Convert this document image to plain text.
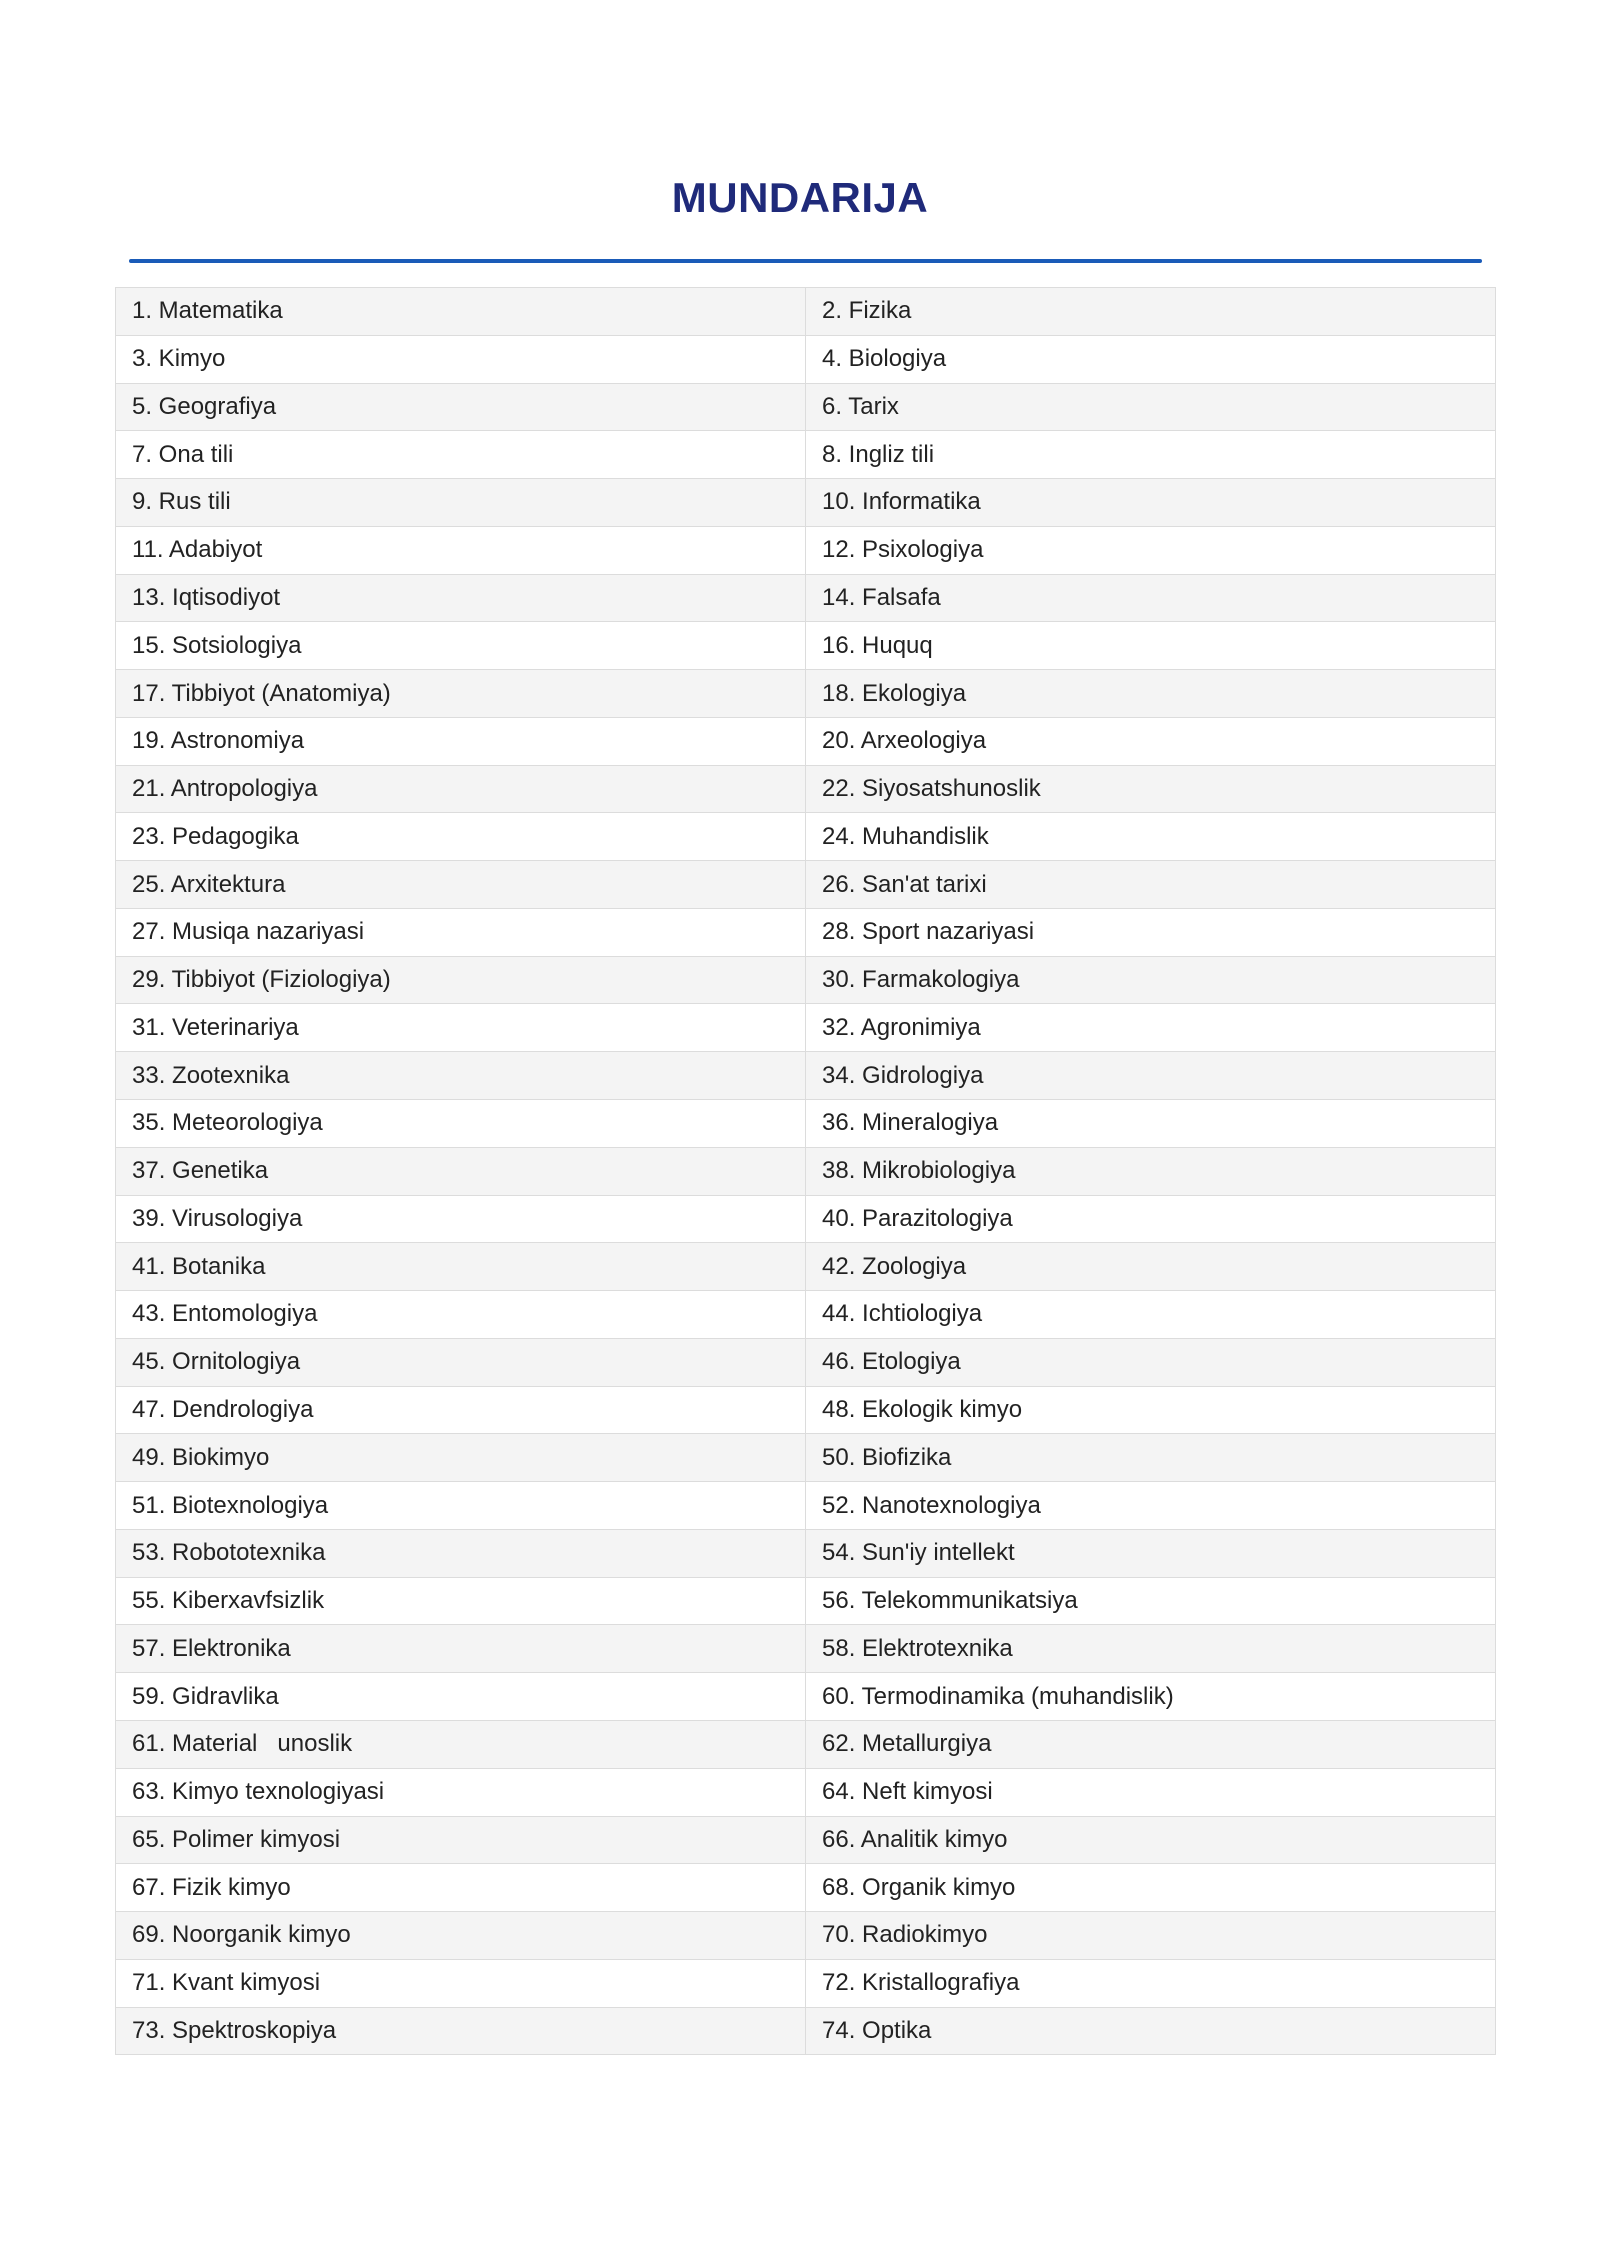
MUNDARIJA
1. Matematika	2. Fizika
3. Kimyo	4. Biologiya
5. Geografiya	6. Tarix
7. Ona tili	8. Ingliz tili
9. Rus tili	10. Informatika
11. Adabiyot	12. Psixologiya
13. Iqtisodiyot	14. Falsafa
15. Sotsiologiya	16. Huquq
17. Tibbiyot (Anatomiya)	18. Ekologiya
19. Astronomiya	20. Arxeologiya
21. Antropologiya	22. Siyosatshunoslik
23. Pedagogika	24. Muhandislik
25. Arxitektura	26. San'at tarixi
27. Musiqa nazariyasi	28. Sport nazariyasi
29. Tibbiyot (Fiziologiya)	30. Farmakologiya
31. Veterinariya	32. Agronimiya
33. Zootexnika	34. Gidrologiya
35. Meteorologiya	36. Mineralogiya
37. Genetika	38. Mikrobiologiya
39. Virusologiya	40. Parazitologiya
41. Botanika	42. Zoologiya
43. Entomologiya	44. Ichtiologiya
45. Ornitologiya	46. Etologiya
47. Dendrologiya	48. Ekologik kimyo
49. Biokimyo	50. Biofizika
51. Biotexnologiya	52. Nanotexnologiya
53. Robototexnika	54. Sun'iy intellekt
55. Kiberxavfsizlik	56. Telekommunikatsiya
57. Elektronika	58. Elektrotexnika
59. Gidravlika	60. Termodinamika (muhandislik)
61. Material   unoslik	62. Metallurgiya
63. Kimyo texnologiyasi	64. Neft kimyosi
65. Polimer kimyosi	66. Analitik kimyo
67. Fizik kimyo	68. Organik kimyo
69. Noorganik kimyo	70. Radiokimyo
71. Kvant kimyosi	72. Kristallografiya
73. Spektroskopiya	74. Optika
